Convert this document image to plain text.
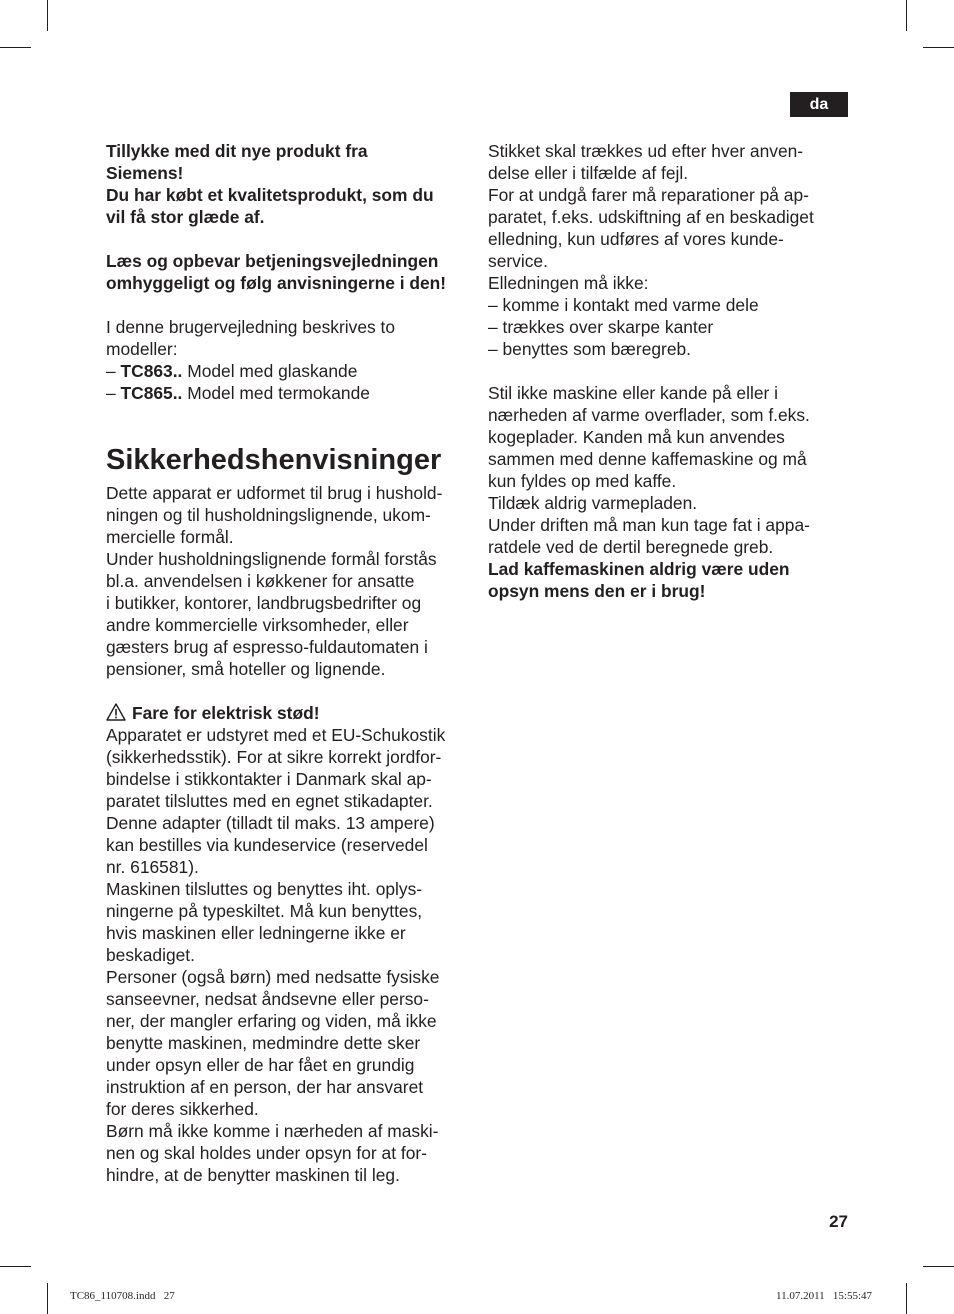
da
Tillykke med dit nye produkt fra
Siemens!
Du har købt et kvalitetsprodukt, som du
vil få stor glæde af.
Læs og opbevar betjeningsvejledningen
omhyggeligt og følg anvisningerne i den!
I denne brugervejledning beskrives to
modeller:
– TC863.. Model med glaskande
– TC865.. Model med termokande
Sikkerhedshenvisninger
Dette apparat er udformet til brug i hushold-
ningen og til husholdningslignende, ukom-
mercielle formål.
Under husholdningslignende formål forstås
bl.a. anvendelsen i køkkener for ansatte
i butikker, kontorer, landbrugsbedrifter og
andre kommercielle virksomheder, eller
gæsters brug af espresso-fuldautomaten i
pensioner, små hoteller og lignende.
Fare for elektrisk stød!
Apparatet er udstyret med et EU-Schukostik
(sikkerhedsstik). For at sikre korrekt jordfor-
bindelse i stikkontakter i Danmark skal ap-
paratet tilsluttes med en egnet stikadapter.
Denne adapter (tilladt til maks. 13 ampere)
kan bestilles via kundeservice (reservedel
nr. 616581).
Maskinen tilsluttes og benyttes iht. oplys-
ningerne på typeskiltet. Må kun benyttes,
hvis maskinen eller ledningerne ikke er
beskadiget.
Personer (også børn) med nedsatte fysiske
sanseevner, nedsat åndsevne eller perso-
ner, der mangler erfaring og viden, må ikke
benytte maskinen, medmindre dette sker
under opsyn eller de har fået en grundig
instruktion af en person, der har ansvaret
for deres sikkerhed.
Børn må ikke komme i nærheden af maski-
nen og skal holdes under opsyn for at for-
hindre, at de benytter maskinen til leg.
Stikket skal trækkes ud efter hver anven-
delse eller i tilfælde af fejl.
For at undgå farer må reparationer på ap-
paratet, f.eks. udskiftning af en beskadiget
elledning, kun udføres af vores kunde-
service.
Elledningen må ikke:
– komme i kontakt med varme dele
– trækkes over skarpe kanter
– benyttes som bæregreb.
Stil ikke maskine eller kande på eller i
nærheden af varme overflader, som f.eks.
kogeplader. Kanden må kun anvendes
sammen med denne kaffemaskine og må
kun fyldes op med kaffe.
Tildæk aldrig varmepladen.
Under driften må man kun tage fat i appa-
ratdele ved de dertil beregnede greb.
Lad kaffemaskinen aldrig være uden
opsyn mens den er i brug!
27
TC86_110708.indd   27	11.07.2011   15:55:47
